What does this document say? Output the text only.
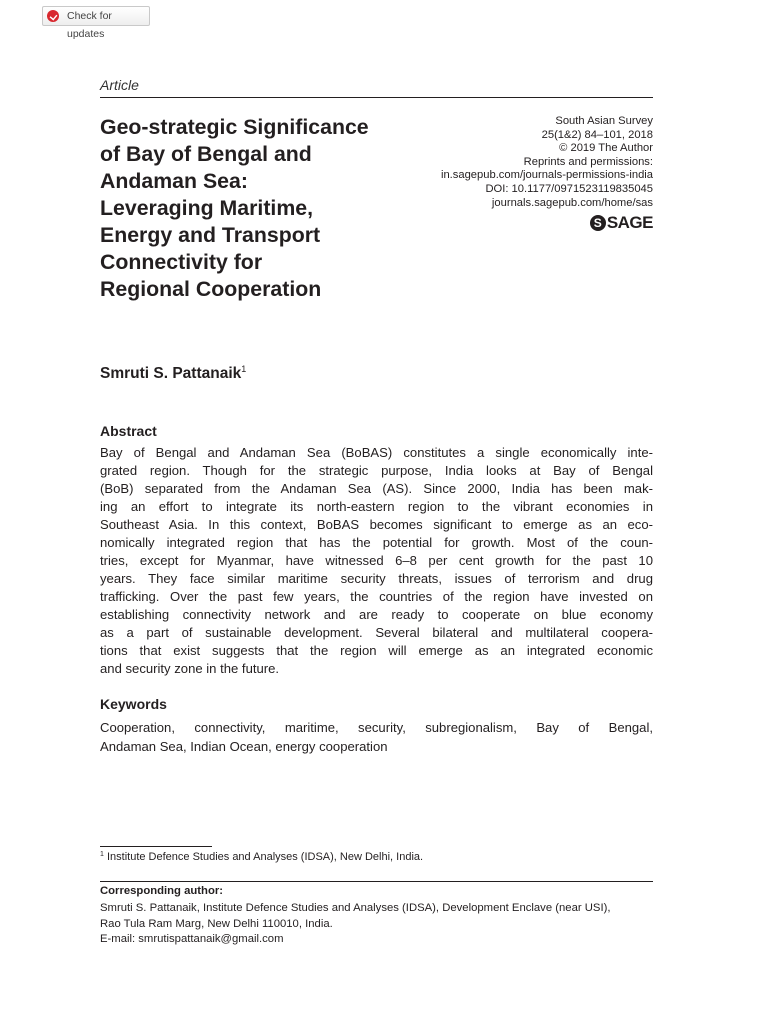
Check for updates
Article
Geo-strategic Significance
of Bay of Bengal and
Andaman Sea:
Leveraging Maritime,
Energy and Transport
Connectivity for
Regional Cooperation
South Asian Survey
25(1&2) 84–101, 2018
© 2019 The Author
Reprints and permissions:
in.sagepub.com/journals-permissions-india
DOI: 10.1177/0971523119835045
journals.sagepub.com/home/sas
S SAGE
Smruti S. Pattanaik$^1$
Abstract
Bay of Bengal and Andaman Sea (BoBAS) constitutes a single economically inte-
grated region. Though for the strategic purpose, India looks at Bay of Bengal
(BoB) separated from the Andaman Sea (AS). Since 2000, India has been mak-
ing an effort to integrate its north-eastern region to the vibrant economies in
Southeast Asia. In this context, BoBAS becomes significant to emerge as an eco-
nomically integrated region that has the potential for growth. Most of the coun-
tries, except for Myanmar, have witnessed 6–8 per cent growth for the past 10
years. They face similar maritime security threats, issues of terrorism and drug
trafficking. Over the past few years, the countries of the region have invested on
establishing connectivity network and are ready to cooperate on blue economy
as a part of sustainable development. Several bilateral and multilateral coopera-
tions that exist suggests that the region will emerge as an integrated economic
and security zone in the future.
Keywords
Cooperation, connectivity, maritime, security, subregionalism, Bay of Bengal,
Andaman Sea, Indian Ocean, energy cooperation
$^1$ Institute Defence Studies and Analyses (IDSA), New Delhi, India.
Corresponding author:
Smruti S. Pattanaik, Institute Defence Studies and Analyses (IDSA), Development Enclave (near USI),
Rao Tula Ram Marg, New Delhi 110010, India.
E-mail: smrutispattanaik@gmail.com
